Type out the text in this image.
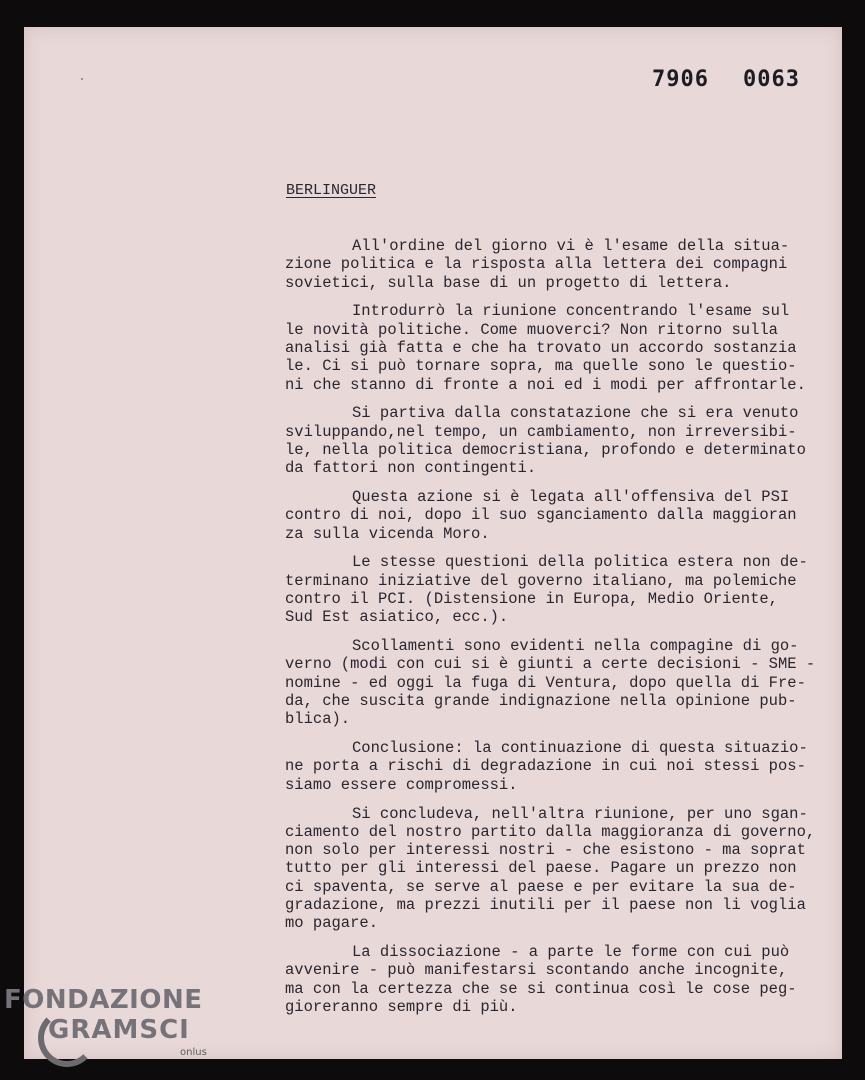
7906 0063
BERLINGUER
All'ordine del giorno vi è l'esame della situa-
zione politica e la risposta alla lettera dei compagni
sovietici, sulla base di un progetto di lettera.
Introdurrò la riunione concentrando l'esame sul
le novità politiche. Come muoverci? Non ritorno sulla
analisi già fatta e che ha trovato un accordo sostanzia
le. Ci si può tornare sopra, ma quelle sono le questio-
ni che stanno di fronte a noi ed i modi per affrontarle.
Si partiva dalla constatazione che si era venuto
sviluppando,nel tempo, un cambiamento, non irreversibi-
le, nella politica democristiana, profondo e determinato
da fattori non contingenti.
Questa azione si è legata all'offensiva del PSI
contro di noi, dopo il suo sganciamento dalla maggioran
za sulla vicenda Moro.
Le stesse questioni della politica estera non de-
terminano iniziative del governo italiano, ma polemiche
contro il PCI. (Distensione in Europa, Medio Oriente,
Sud Est asiatico, ecc.).
Scollamenti sono evidenti nella compagine di go-
verno (modi con cui si è giunti a certe decisioni - SME -
nomine - ed oggi la fuga di Ventura, dopo quella di Fre-
da, che suscita grande indignazione nella opinione pub-
blica).
Conclusione: la continuazione di questa situazio-
ne porta a rischi di degradazione in cui noi stessi pos-
siamo essere compromessi.
Si concludeva, nell'altra riunione, per uno sgan-
ciamento del nostro partito dalla maggioranza di governo,
non solo per interessi nostri - che esistono - ma soprat
tutto per gli interessi del paese. Pagare un prezzo non
ci spaventa, se serve al paese e per evitare la sua de-
gradazione, ma prezzi inutili per il paese non li voglia
mo pagare.
La dissociazione - a parte le forme con cui può
avvenire - può manifestarsi scontando anche incognite,
ma con la certezza che se si continua così le cose peg-
gioreranno sempre di più.
FONDAZIONE
GRAMSCI
onlus
